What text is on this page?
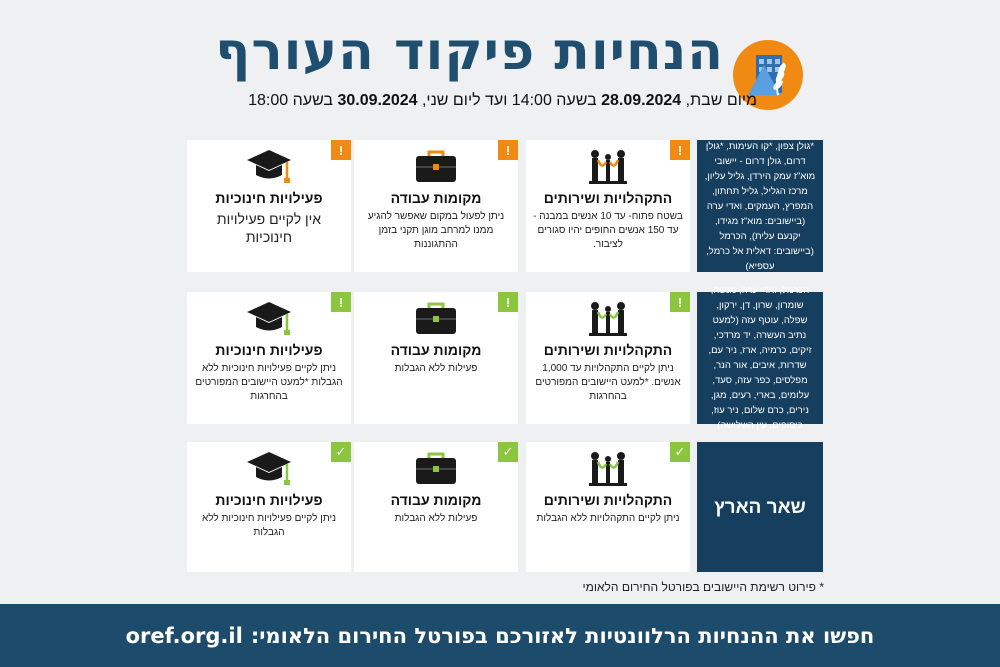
הנחיות פיקוד העורף
מיום שבת, 28.09.2024 בשעה 14:00 ועד ליום שני, 30.09.2024 בשעה 18:00
*גולן צפון, *קו העימות, *גולן דרום, גולן דרום - יישובי מוא"ז עמק הירדן, גליל עליון, מרכז הגליל, גליל תחתון, המפרץ, העמקים, ואדי ערה (ביישובים: מוא"ז מגידו, יקנעם עלית), הכרמל (ביישובים: דאלית אל כרמל, עספיא)
!
התקהלויות ושירותים
בשטח פתוח- עד 10 אנשים במבנה - עד 150 אנשים החופים יהיו סגורים לציבור.
!
מקומות עבודה
ניתן לפעול במקום שאפשר להגיע ממנו למרחב מוגן תקני בזמן ההתגוננות
!
פעילויות חינוכיות
אין לקיים פעילויות חינוכיות
הכרמל, ואדי ערה, מנשה, שומרון, שרון, דן, ירקון, שפלה, עוטף עזה (למעט נתיב העשרה, יד מרדכי, זיקים, כרמיה, ארז, ניר עם, שדרות, איבים, אור הנר, מפלסים, כפר עזה, סעד, עלומים, בארי, רעים, מגן, נירים, כרם שלום, ניר עוז, כיסופים, עין השלושה)
!
התקהלויות ושירותים
ניתן לקיים התקהלויות עד 1,000 אנשים. *למעט היישובים המפורטים בהחרגות
!
מקומות עבודה
פעילות ללא הגבלות
!
פעילויות חינוכיות
ניתן לקיים פעילויות חינוכיות ללא הגבלות *למעט היישובים המפורטים בהחרגות
שאר הארץ
✓
התקהלויות ושירותים
ניתן לקיים התקהלויות ללא הגבלות
✓
מקומות עבודה
פעילות ללא הגבלות
✓
פעילויות חינוכיות
ניתן לקיים פעילויות חינוכיות ללא הגבלות
* פירוט רשימת היישובים בפורטל החירום הלאומי
חפשו את ההנחיות הרלוונטיות לאזורכם בפורטל החירום הלאומי:
oref.org.il
